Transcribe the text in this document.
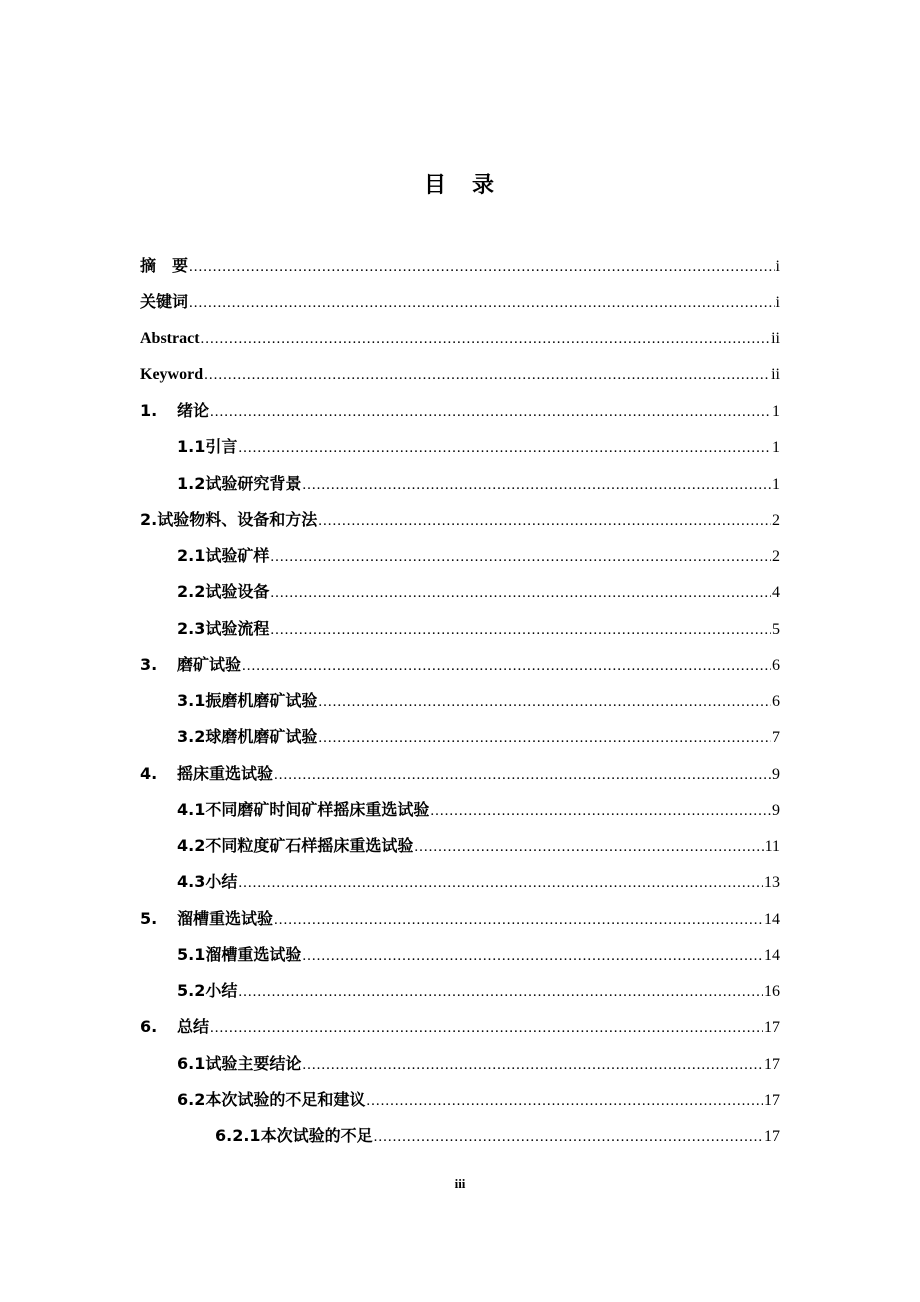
目　录
摘　要 .....	i
关键词 .....	i
Abstract .....	ii
Keyword .....	ii
1.	绪论 .....	1
1.1 引言 .....	1
1.2 试验研究背景 .....	1
2. 试验物料、设备和方法 .....	2
2.1 试验矿样 .....	2
2.2 试验设备 .....	4
2.3 试验流程 .....	5
3.	磨矿试验 .....	6
3.1 振磨机磨矿试验 .....	6
3.2 球磨机磨矿试验 .....	7
4.	摇床重选试验 .....	9
4.1 不同磨矿时间矿样摇床重选试验 .....	9
4.2 不同粒度矿石样摇床重选试验 .....	11
4.3 小结 .....	13
5.	溜槽重选试验 .....	14
5.1 溜槽重选试验 .....	14
5.2 小结 .....	16
6.	总结 .....	17
6.1 试验主要结论 .....	17
6.2 本次试验的不足和建议 .....	17
6.2.1 本次试验的不足 .....	17
iii
